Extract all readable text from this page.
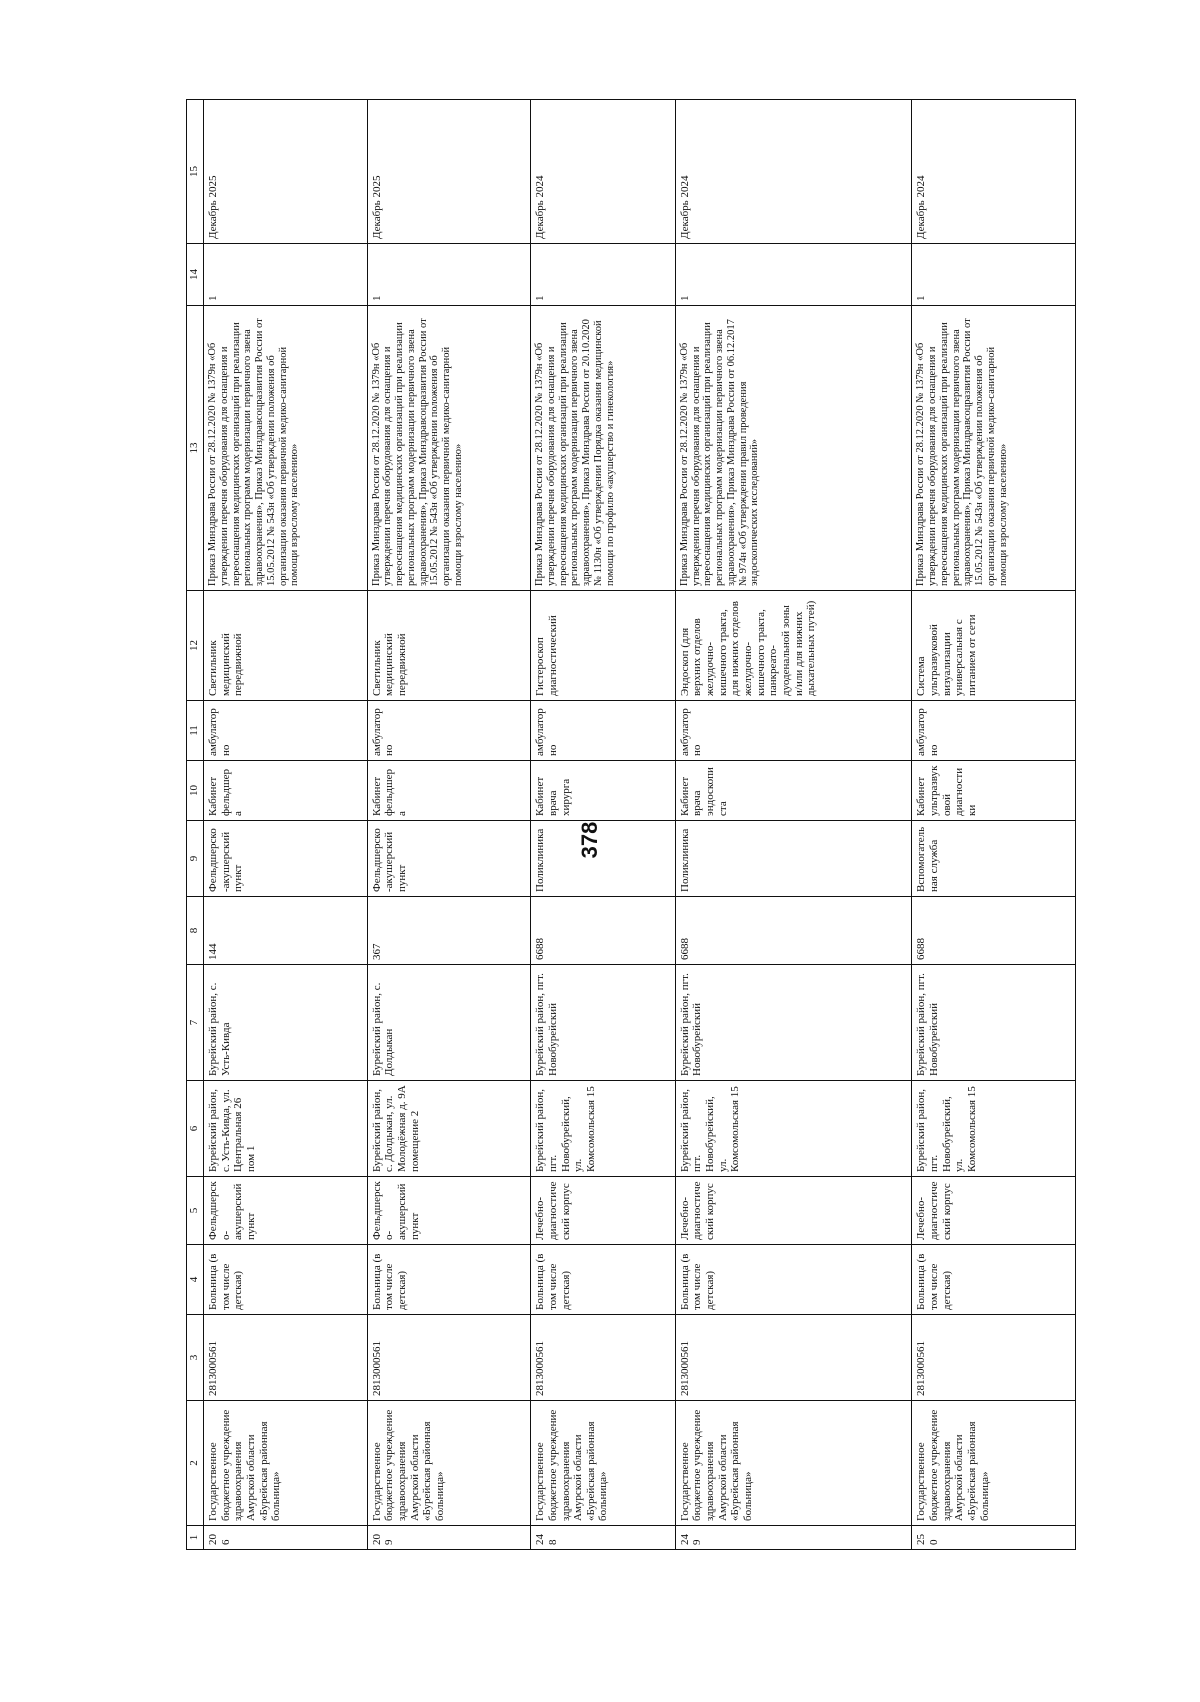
378
1	2	3	4	5	6	7	8	9	10	11	12	13	14	15
206	Государственное бюджетное учреждение здравоохранения Амурской области «Бурейская районная больница»	2813000561	Больница (в том числе детская)	Фельдшерско-акушерский пункт	Бурейский район, с. Усть-Кивда, ул. Центральная 26 пом 1	Бурейский район, с. Усть-Кивда	144	Фельдшерско-акушерский пункт	Кабинет фельдшера	амбулаторно	Светильник медицинский передвижной	Приказ Минздрава России от 28.12.2020 № 1379н «Об утверждении перечня оборудования для оснащения и переоснащения медицинских организаций при реализации региональных программ модернизации первичного звена здравоохранения», Приказ Минздравсоцразвития России от 15.05.2012 № 543н «Об утверждении положения об организации оказания первичной медико-санитарной помощи взрослому населению»	1	Декабрь 2025
209	Государственное бюджетное учреждение здравоохранения Амурской области «Бурейская районная больница»	2813000561	Больница (в том числе детская)	Фельдшерско-акушерский пункт	Бурейский район, с. Долдыкан, ул. Молодёжная д. 9А помещение 2	Бурейский район, с. Долдыкан	367	Фельдшерско-акушерский пункт	Кабинет фельдшера	амбулаторно	Светильник медицинский передвижной	Приказ Минздрава России от 28.12.2020 № 1379н «Об утверждении перечня оборудования для оснащения и переоснащения медицинских организаций при реализации региональных программ модернизации первичного звена здравоохранения», Приказ Минздравсоцразвития России от 15.05.2012 № 543н «Об утверждении положения об организации оказания первичной медико-санитарной помощи взрослому населению»	1	Декабрь 2025
248	Государственное бюджетное учреждение здравоохранения Амурской области «Бурейская районная больница»	2813000561	Больница (в том числе детская)	Лечебно-диагностический корпус	Бурейский район, пгт. Новобурейский, ул. Комсомольская 15	Бурейский район, пгт. Новобурейский	6688	Поликлиника	Кабинет врача хирурга	амбулаторно	Гистероскоп диагностический	Приказ Минздрава России от 28.12.2020 № 1379н «Об утверждении перечня оборудования для оснащения и переоснащения медицинских организаций при реализации региональных программ модернизации первичного звена здравоохранения», Приказ Минздрава России от 20.10.2020 № 1130н «Об утверждении Порядка оказания медицинской помощи по профилю «акушерство и гинекология»	1	Декабрь 2024
249	Государственное бюджетное учреждение здравоохранения Амурской области «Бурейская районная больница»	2813000561	Больница (в том числе детская)	Лечебно-диагностический корпус	Бурейский район, пгт. Новобурейский, ул. Комсомольская 15	Бурейский район, пгт. Новобурейский	6688	Поликлиника	Кабинет врача эндоскописта	амбулаторно	Эндоскоп (для верхних отделов желудочно-кишечного тракта, для нижних отделов желудочно-кишечного тракта, панкреато-дуоденальной зоны и/или для нижних дыхательных путей)	Приказ Минздрава России от 28.12.2020 № 1379н «Об утверждении перечня оборудования для оснащения и переоснащения медицинских организаций при реализации региональных программ модернизации первичного звена здравоохранения», Приказ Минздрава России от 06.12.2017 № 974н «Об утверждении правил проведения эндоскопических исследований»	1	Декабрь 2024
250	Государственное бюджетное учреждение здравоохранения Амурской области «Бурейская районная больница»	2813000561	Больница (в том числе детская)	Лечебно-диагностический корпус	Бурейский район, пгт. Новобурейский, ул. Комсомольская 15	Бурейский район, пгт. Новобурейский	6688	Вспомогательная служба	Кабинет ультразвуковой диагностики	амбулаторно	Система ультразвуковой визуализации универсальная с питанием от сети	Приказ Минздрава России от 28.12.2020 № 1379н «Об утверждении перечня оборудования для оснащения и переоснащения медицинских организаций при реализации региональных программ модернизации первичного звена здравоохранения», Приказ Минздравсоцразвития России от 15.05.2012 № 543н «Об утверждении положения об организации оказания первичной медико-санитарной помощи взрослому населению»	1	Декабрь 2024
